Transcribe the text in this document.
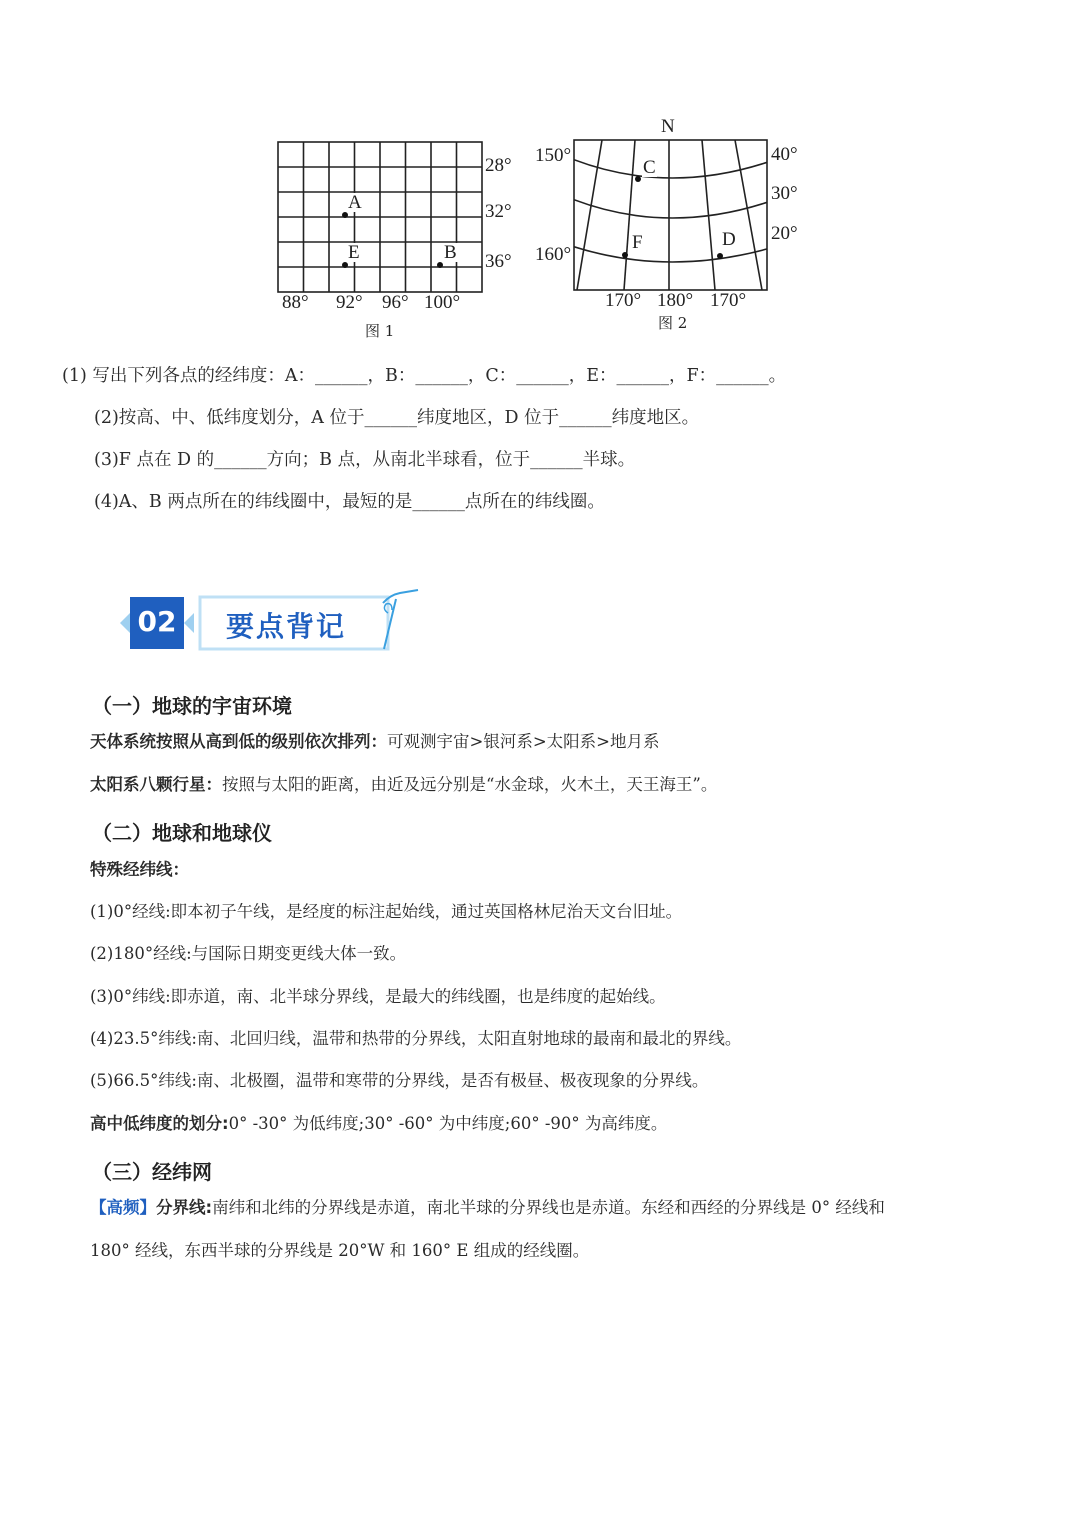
A
E	B
28°
32°
36°
88° 92° 96° 100°
图 1
N
C
F	D
150°
160°
40°
30°
20°
170° 180° 170°
图 2
(1) 写出下列各点的经纬度：A：______，B：______，C：______，E：______，F：______。
(2)按高、中、低纬度划分，A 位于______纬度地区，D 位于______纬度地区。
(3)F 点在 D 的______方向；B 点，从南北半球看，位于______半球。
(4)A、B 两点所在的纬线圈中，最短的是______点所在的纬线圈。
02 要点背记
（一）地球的宇宙环境
天体系统按照从高到低的级别依次排列：可观测宇宙>银河系>太阳系>地月系
太阳系八颗行星：按照与太阳的距离，由近及远分别是“水金球，火木土，天王海王”。
（二）地球和地球仪
特殊经纬线：
(1)0°经线:即本初子午线，是经度的标注起始线，通过英国格林尼治天文台旧址。
(2)180°经线:与国际日期变更线大体一致。
(3)0°纬线:即赤道，南、北半球分界线，是最大的纬线圈，也是纬度的起始线。
(4)23.5°纬线:南、北回归线，温带和热带的分界线，太阳直射地球的最南和最北的界线。
(5)66.5°纬线:南、北极圈，温带和寒带的分界线，是否有极昼、极夜现象的分界线。
高中低纬度的划分:0° -30° 为低纬度;30° -60° 为中纬度;60° -90° 为高纬度。
（三）经纬网
【高频】分界线:南纬和北纬的分界线是赤道，南北半球的分界线也是赤道。东经和西经的分界线是 0° 经线和
180° 经线，东西半球的分界线是 20°W 和 160° E 组成的经线圈。
